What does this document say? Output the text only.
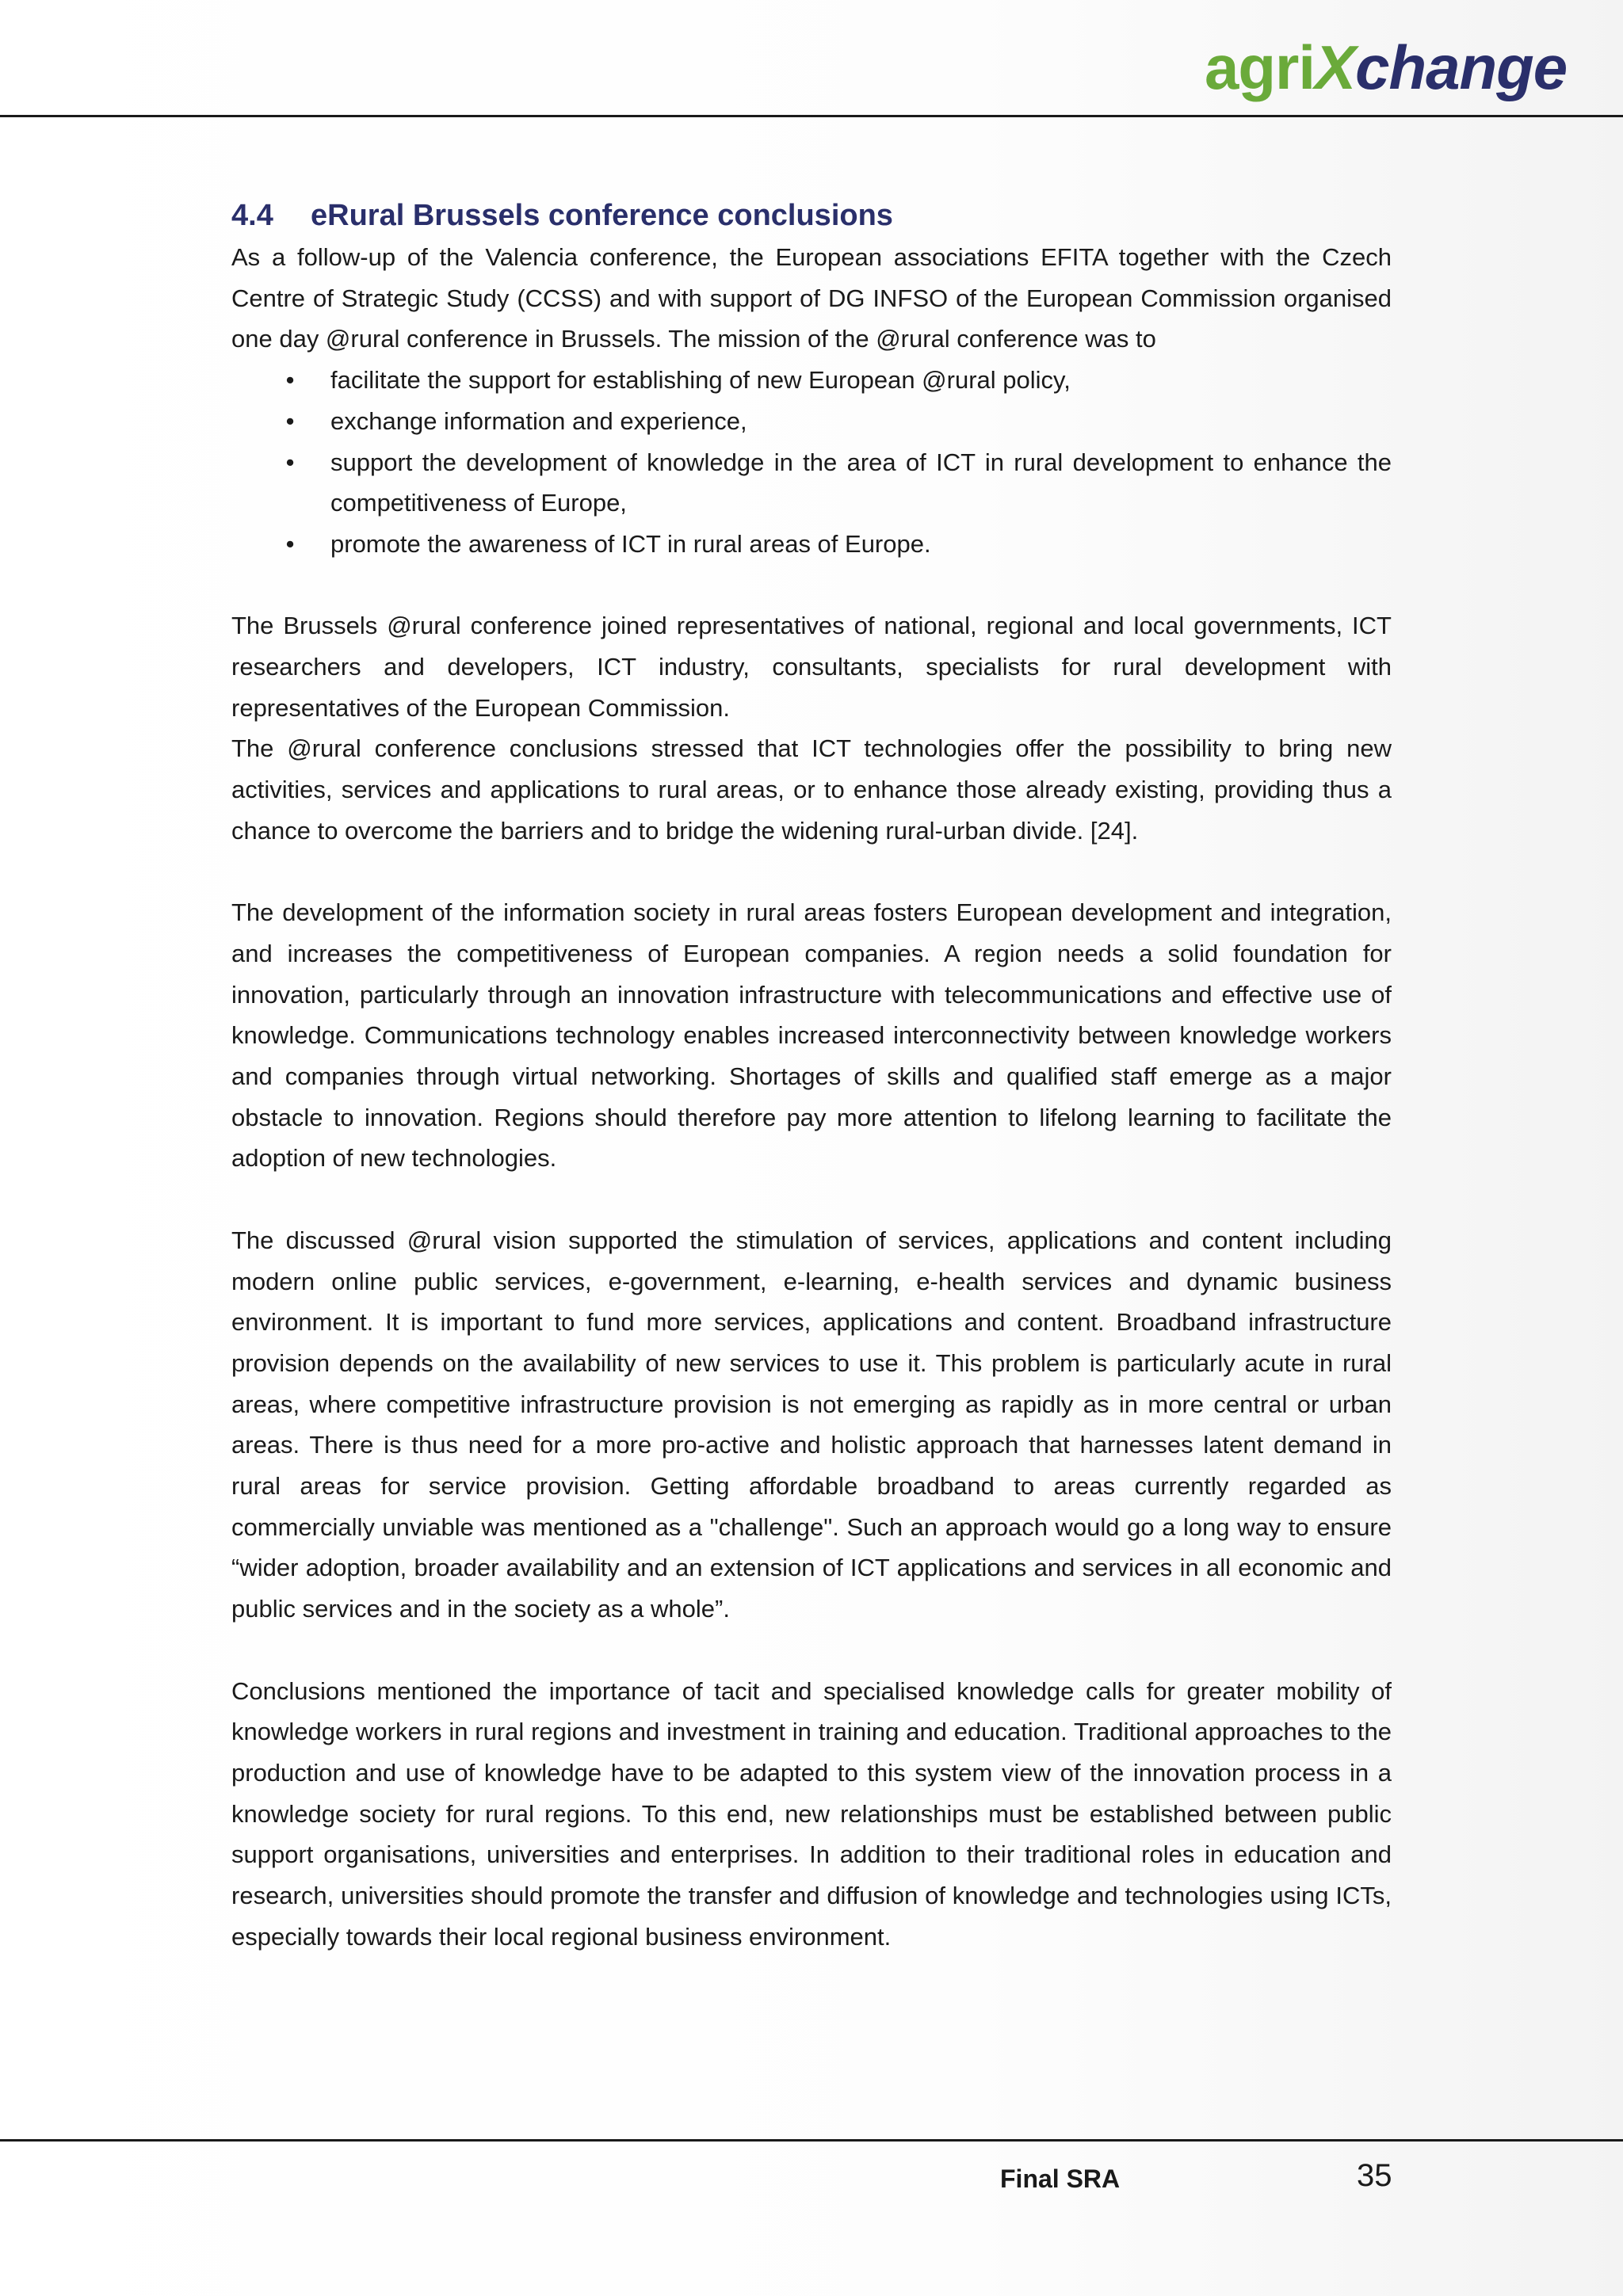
agriXchange
4.4 eRural Brussels conference conclusions

As a follow-up of the Valencia conference, the European associations EFITA together with the Czech Centre of Strategic Study (CCSS) and with support of DG INFSO of the European Commission organised one day @rural conference in Brussels. The mission of the @rural conference was to

• facilitate the support for establishing of new European @rural policy,
• exchange information and experience,
• support the development of knowledge in the area of ICT in rural development to enhance the competitiveness of Europe,
• promote the awareness of ICT in rural areas of Europe.

The Brussels @rural conference joined representatives of national, regional and local governments, ICT researchers and developers, ICT industry, consultants, specialists for rural development with representatives of the European Commission.

The @rural conference conclusions stressed that ICT technologies offer the possibility to bring new activities, services and applications to rural areas, or to enhance those already existing, providing thus a chance to overcome the barriers and to bridge the widening rural-urban divide. [24].

The development of the information society in rural areas fosters European development and integration, and increases the competitiveness of European companies. A region needs a solid foundation for innovation, particularly through an innovation infrastructure with telecommunications and effective use of knowledge. Communications technology enables increased interconnectivity between knowledge workers and companies through virtual networking. Shortages of skills and qualified staff emerge as a major obstacle to innovation. Regions should therefore pay more attention to lifelong learning to facilitate the adoption of new technologies.

The discussed @rural vision supported the stimulation of services, applications and content including modern online public services, e-government, e-learning, e-health services and dynamic business environment. It is important to fund more services, applications and content. Broadband infrastructure provision depends on the availability of new services to use it. This problem is particularly acute in rural areas, where competitive infrastructure provision is not emerging as rapidly as in more central or urban areas. There is thus need for a more pro-active and holistic approach that harnesses latent demand in rural areas for service provision. Getting affordable broadband to areas currently regarded as commercially unviable was mentioned as a "challenge". Such an approach would go a long way to ensure “wider adoption, broader availability and an extension of ICT applications and services in all economic and public services and in the society as a whole”.

Conclusions mentioned the importance of tacit and specialised knowledge calls for greater mobility of knowledge workers in rural regions and investment in training and education. Traditional approaches to the production and use of knowledge have to be adapted to this system view of the innovation process in a knowledge society for rural regions. To this end, new relationships must be established between public support organisations, universities and enterprises. In addition to their traditional roles in education and research, universities should promote the transfer and diffusion of knowledge and technologies using ICTs, especially towards their local regional business environment.

Final SRA	35
